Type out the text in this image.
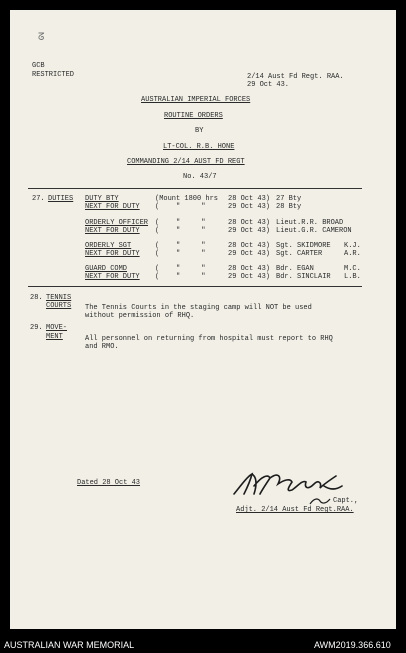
ᘔ
GCB
RESTRICTED	2/14 Aust Fd Regt. RAA.
29 Oct 43.
AUSTRALIAN IMPERIAL FORCES
ROUTINE ORDERS
BY
LT-COL. R.B. HONE
COMMANDING 2/14 AUST FD REGT
No. 43/7
27. DUTIES DUTY BTY	(Mount 1800 hrs 28 Oct 43) 27 Bty
NEXT FOR DUTY (    "     "	29 Oct 43) 28 Bty
ORDERLY OFFICER (    "     "	28 Oct 43) Lieut.R.R. BROAD
NEXT FOR DUTY (    "     "	29 Oct 43) Lieut.G.R. CAMERON
ORDERLY SGT	(    "     "	28 Oct 43) Sgt. SKIDMORE K.J.
NEXT FOR DUTY (    "     "	29 Oct 43) Sgt. CARTER	A.R.
GUARD COMD	(    "     "	28 Oct 43) Bdr. EGAN	M.C.
NEXT FOR DUTY (    "     "	29 Oct 43) Bdr. SINCLAIR L.B.
28. TENNIS
COURTS The Tennis Courts in the staging camp will NOT be used
without permission of RHQ.
29. MOVE-
MENT	All personnel on returning from hospital must report to RHQ
and RMO.
Dated 28 Oct 43
Capt.,
Adjt. 2/14 Aust Fd Regt.RAA.
AUSTRALIAN WAR MEMORIAL	AWM2019.366.610
